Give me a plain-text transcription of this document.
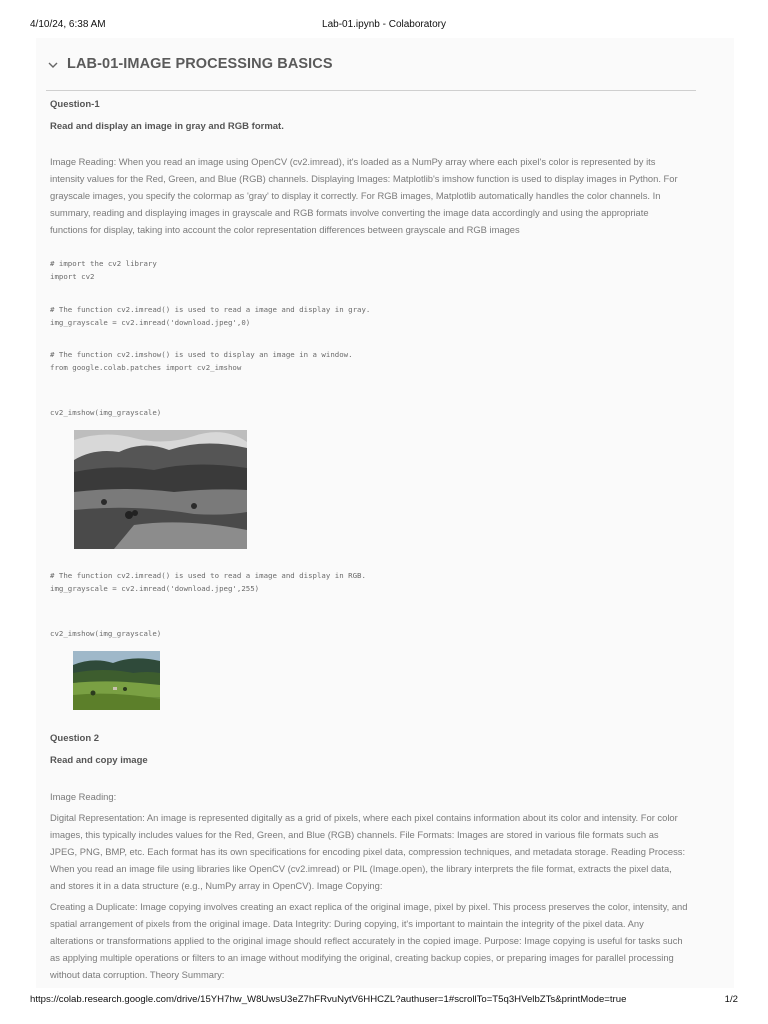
4/10/24, 6:38 AM	Lab-01.ipynb - Colaboratory
LAB-01-IMAGE PROCESSING BASICS
Question-1
Read and display an image in gray and RGB format.
Image Reading: When you read an image using OpenCV (cv2.imread), it's loaded as a NumPy array where each pixel's color is represented by its intensity values for the Red, Green, and Blue (RGB) channels. Displaying Images: Matplotlib's imshow function is used to display images in Python. For grayscale images, you specify the colormap as 'gray' to display it correctly. For RGB images, Matplotlib automatically handles the color channels. In summary, reading and displaying images in grayscale and RGB formats involve converting the image data accordingly and using the appropriate functions for display, taking into account the color representation differences between grayscale and RGB images
# import the cv2 library
import cv2
# The function cv2.imread() is used to read a image and display in gray.
img_grayscale = cv2.imread('download.jpeg',0)
# The function cv2.imshow() is used to display an image in a window.
from google.colab.patches import cv2_imshow
cv2_imshow(img_grayscale)
# The function cv2.imread() is used to read a image and display in RGB.
img_grayscale = cv2.imread('download.jpeg',255)
cv2_imshow(img_grayscale)
Question 2
Read and copy image
Image Reading:
Digital Representation: An image is represented digitally as a grid of pixels, where each pixel contains information about its color and intensity. For color images, this typically includes values for the Red, Green, and Blue (RGB) channels. File Formats: Images are stored in various file formats such as JPEG, PNG, BMP, etc. Each format has its own specifications for encoding pixel data, compression techniques, and metadata storage. Reading Process: When you read an image file using libraries like OpenCV (cv2.imread) or PIL (Image.open), the library interprets the file format, extracts the pixel data, and stores it in a data structure (e.g., NumPy array in OpenCV). Image Copying:
Creating a Duplicate: Image copying involves creating an exact replica of the original image, pixel by pixel. This process preserves the color, intensity, and spatial arrangement of pixels from the original image. Data Integrity: During copying, it's important to maintain the integrity of the pixel data. Any alterations or transformations applied to the original image should reflect accurately in the copied image. Purpose: Image copying is useful for tasks such as applying multiple operations or filters to an image without modifying the original, creating backup copies, or preparing images for parallel processing without data corruption. Theory Summary:
https://colab.research.google.com/drive/15YH7hw_W8UwsU3eZ7hFRvuNytV6HHCZL?authuser=1#scrollTo=T5q3HVelbZTs&printMode=true	1/2
